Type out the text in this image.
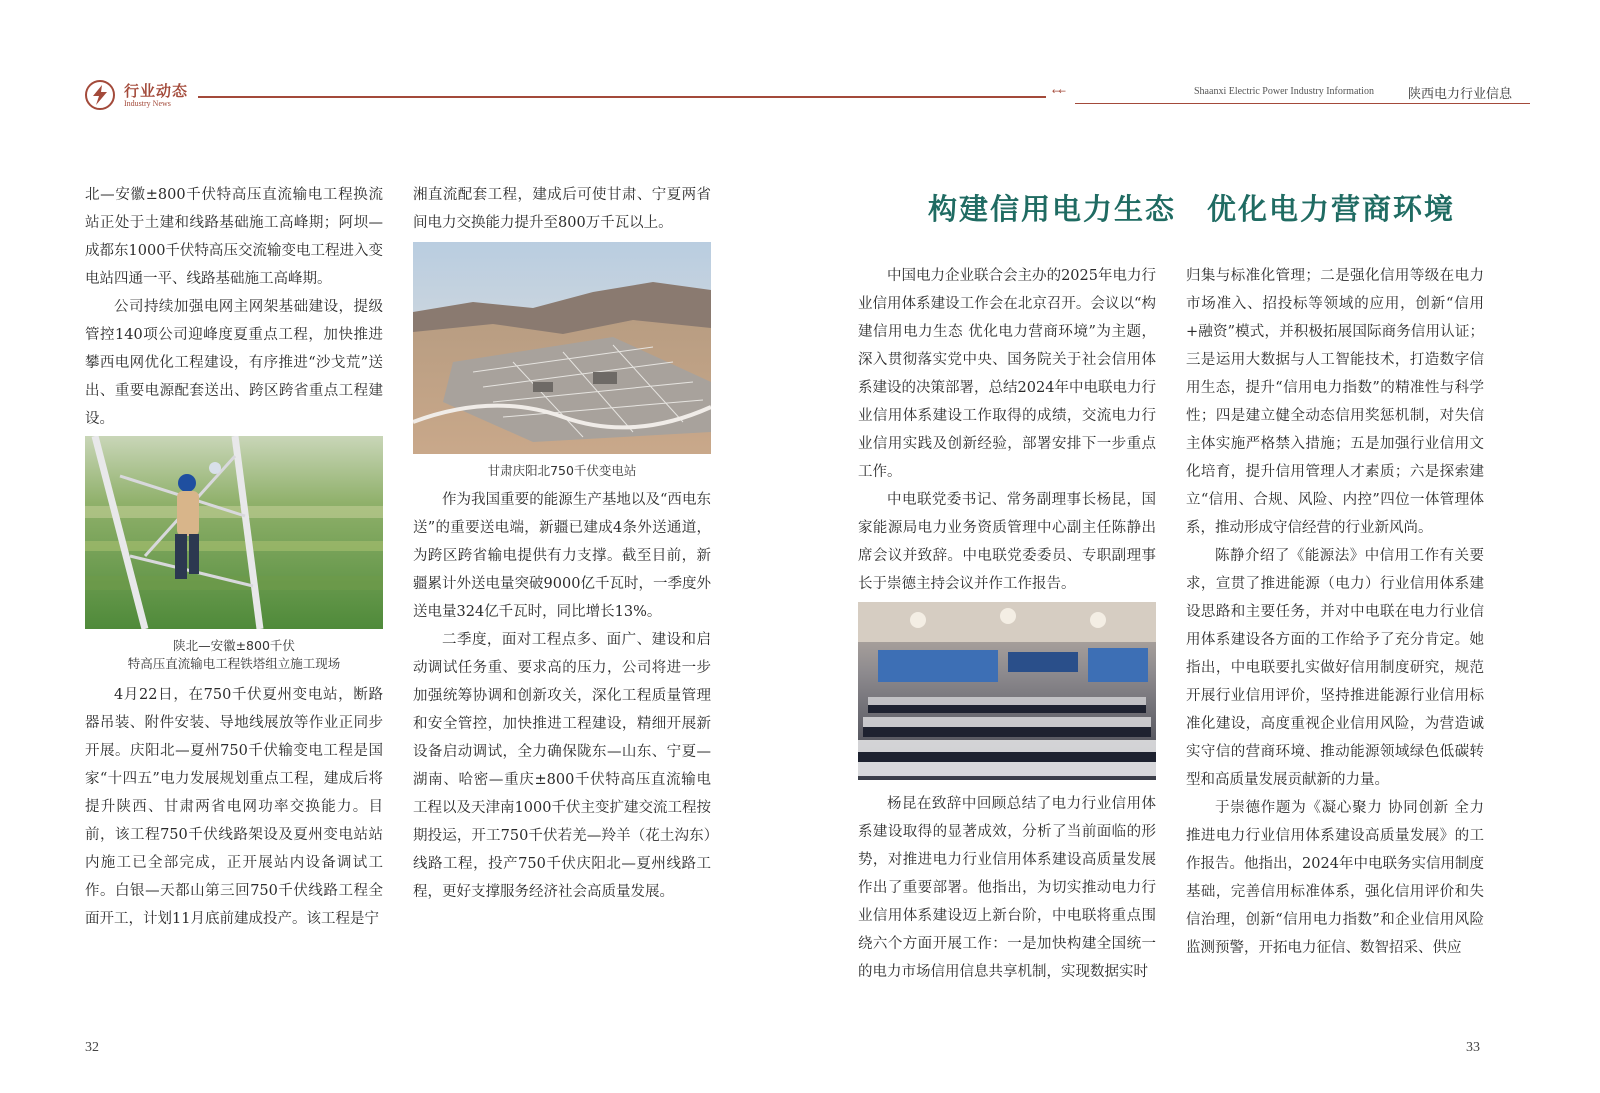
行业动态
Industry News
←←	Shaanxi Electric Power Industry Information	陕西电力行业信息

北—安徽±800千伏特高压直流输电工程换流站正处于土建和线路基础施工高峰期；阿坝—成都东1000千伏特高压交流输变电工程进入变电站四通一平、线路基础施工高峰期。

公司持续加强电网主网架基础建设，提级管控140项公司迎峰度夏重点工程，加快推进攀西电网优化工程建设，有序推进“沙戈荒”送出、重要电源配套送出、跨区跨省重点工程建设。

陕北—安徽±800千伏
特高压直流输电工程铁塔组立施工现场

4月22日，在750千伏夏州变电站，断路器吊装、附件安装、导地线展放等作业正同步开展。庆阳北—夏州750千伏输变电工程是国家“十四五”电力发展规划重点工程，建成后将提升陕西、甘肃两省电网功率交换能力。目前，该工程750千伏线路架设及夏州变电站站内施工已全部完成，正开展站内设备调试工作。白银—天都山第三回750千伏线路工程全面开工，计划11月底前建成投产。该工程是宁

湘直流配套工程，建成后可使甘肃、宁夏两省间电力交换能力提升至800万千瓦以上。

甘肃庆阳北750千伏变电站

作为我国重要的能源生产基地以及“西电东送”的重要送电端，新疆已建成4条外送通道，为跨区跨省输电提供有力支撑。截至目前，新疆累计外送电量突破9000亿千瓦时，一季度外送电量324亿千瓦时，同比增长13%。

二季度，面对工程点多、面广、建设和启动调试任务重、要求高的压力，公司将进一步加强统筹协调和创新攻关，深化工程质量管理和安全管控，加快推进工程建设，精细开展新设备启动调试，全力确保陇东—山东、宁夏—湖南、哈密—重庆±800千伏特高压直流输电工程以及天津南1000千伏主变扩建交流工程按期投运，开工750千伏若羌—羚羊（花土沟东）线路工程，投产750千伏庆阳北—夏州线路工程，更好支撑服务经济社会高质量发展。

32
构建信用电力生态　优化电力营商环境

中国电力企业联合会主办的2025年电力行业信用体系建设工作会在北京召开。会议以“构建信用电力生态 优化电力营商环境”为主题，深入贯彻落实党中央、国务院关于社会信用体系建设的决策部署，总结2024年中电联电力行业信用体系建设工作取得的成绩，交流电力行业信用实践及创新经验，部署安排下一步重点工作。

中电联党委书记、常务副理事长杨昆，国家能源局电力业务资质管理中心副主任陈静出席会议并致辞。中电联党委委员、专职副理事长于崇德主持会议并作工作报告。

杨昆在致辞中回顾总结了电力行业信用体系建设取得的显著成效，分析了当前面临的形势，对推进电力行业信用体系建设高质量发展作出了重要部署。他指出，为切实推动电力行业信用体系建设迈上新台阶，中电联将重点围绕六个方面开展工作：一是加快构建全国统一的电力市场信用信息共享机制，实现数据实时

归集与标准化管理；二是强化信用等级在电力市场准入、招投标等领域的应用，创新“信用+融资”模式，并积极拓展国际商务信用认证；三是运用大数据与人工智能技术，打造数字信用生态，提升“信用电力指数”的精准性与科学性；四是建立健全动态信用奖惩机制，对失信主体实施严格禁入措施；五是加强行业信用文化培育，提升信用管理人才素质；六是探索建立“信用、合规、风险、内控”四位一体管理体系，推动形成守信经营的行业新风尚。

陈静介绍了《能源法》中信用工作有关要求，宣贯了推进能源（电力）行业信用体系建设思路和主要任务，并对中电联在电力行业信用体系建设各方面的工作给予了充分肯定。她指出，中电联要扎实做好信用制度研究，规范开展行业信用评价，坚持推进能源行业信用标准化建设，高度重视企业信用风险，为营造诚实守信的营商环境、推动能源领域绿色低碳转型和高质量发展贡献新的力量。

于崇德作题为《凝心聚力 协同创新 全力推进电力行业信用体系建设高质量发展》的工作报告。他指出，2024年中电联务实信用制度基础，完善信用标准体系，强化信用评价和失信治理，创新“信用电力指数”和企业信用风险监测预警，开拓电力征信、数智招采、供应

33
